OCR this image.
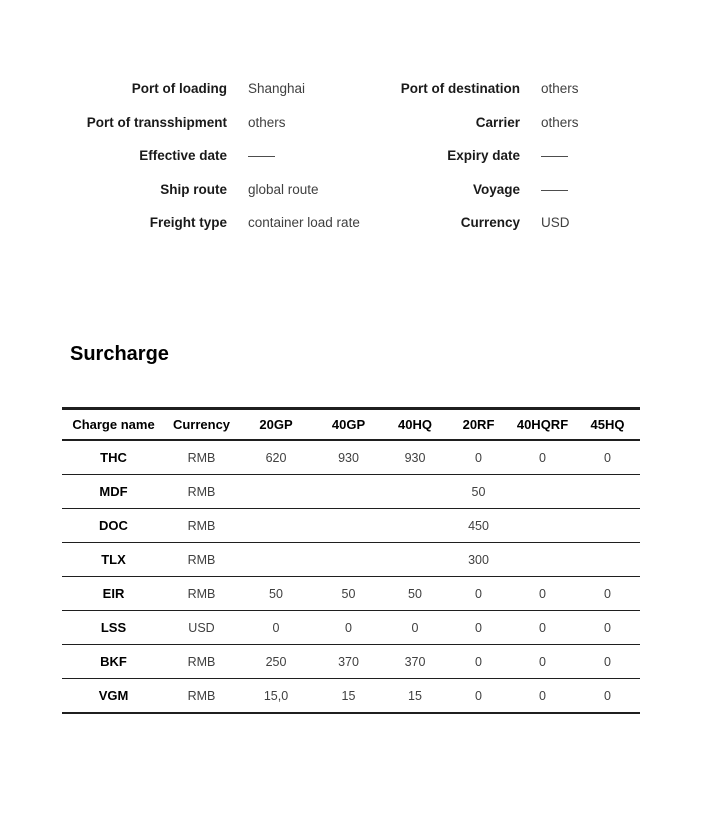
Port of loading	Shanghai	Port of destination	others
Port of transshipment	others	Carrier	others
Effective date	——	Expiry date	——
Ship route	global route	Voyage	——
Freight type	container load rate	Currency	USD
Surcharge
Charge name	Currency	20GP	40GP	40HQ	20RF	40HQRF	45HQ
THC	RMB	620	930	930	0	0	0
MDF	RMB				50		
DOC	RMB				450		
TLX	RMB				300		
EIR	RMB	50	50	50	0	0	0
LSS	USD	0	0	0	0	0	0
BKF	RMB	250	370	370	0	0	0
VGM	RMB	15,0	15	15	0	0	0
